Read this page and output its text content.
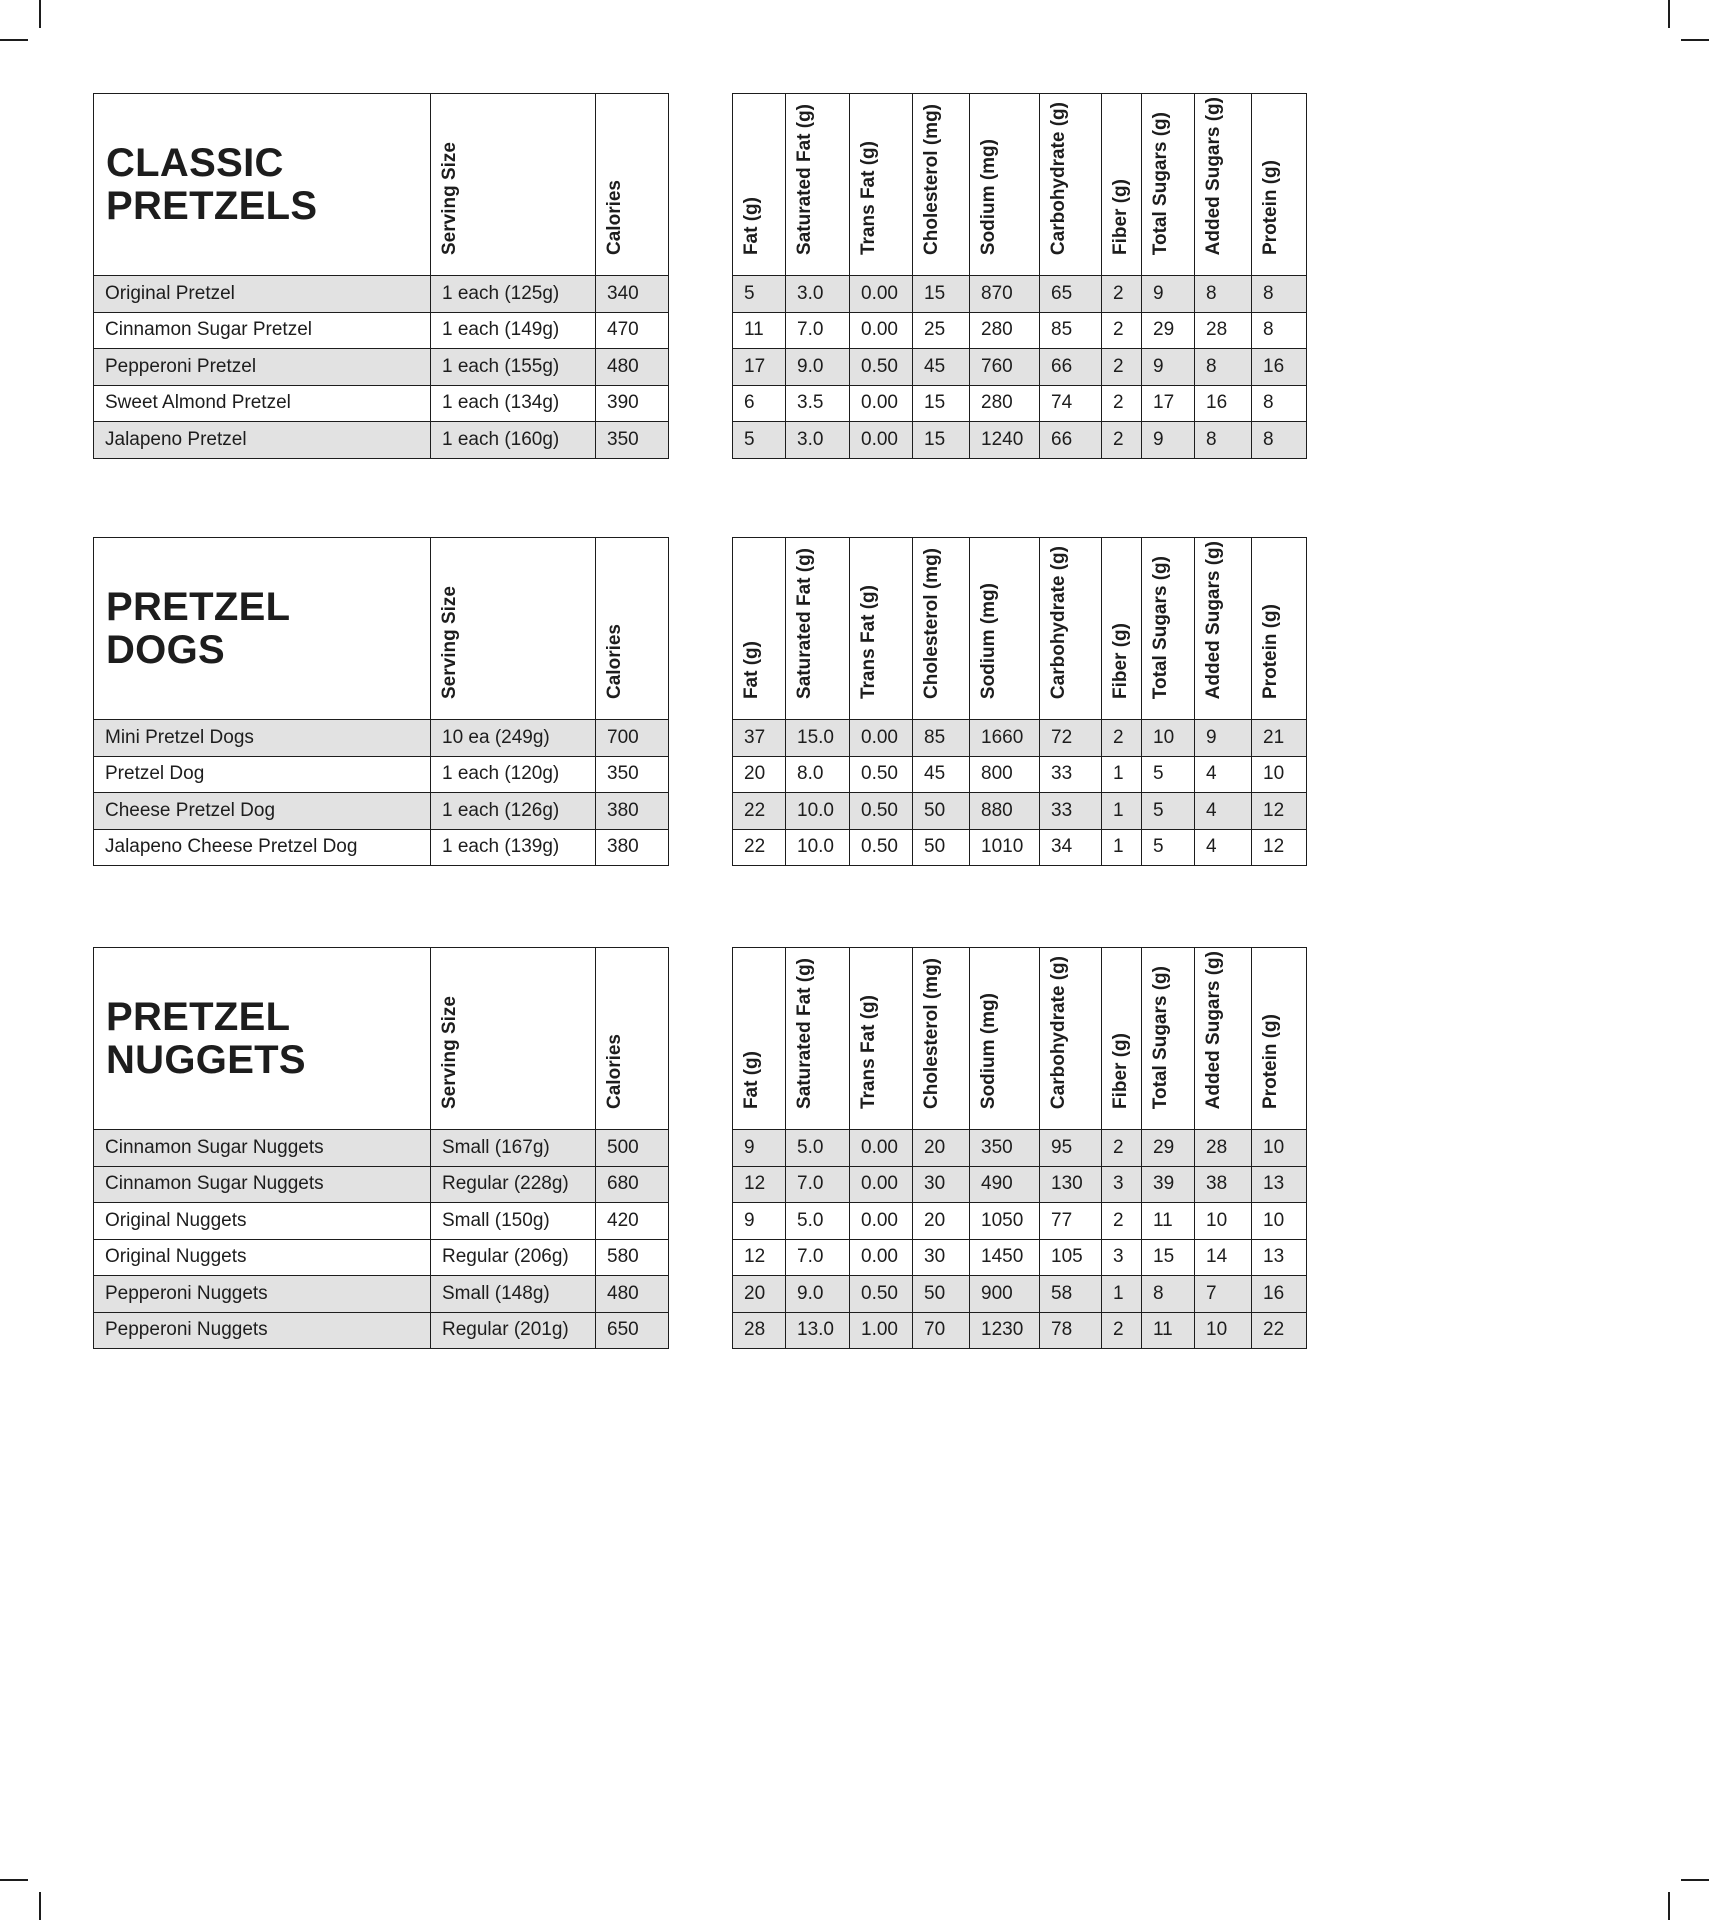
CLASSIC PRETZELS	Serving Size	Calories
Original Pretzel	1 each (125g)	340
Cinnamon Sugar Pretzel	1 each (149g)	470
Pepperoni Pretzel	1 each (155g)	480
Sweet Almond Pretzel	1 each (134g)	390
Jalapeno Pretzel	1 each (160g)	350
Fat (g)	Saturated Fat (g)	Trans Fat (g)	Cholesterol (mg)	Sodium (mg)	Carbohydrate (g)	Fiber (g)	Total Sugars (g)	Added Sugars (g)	Protein (g)
5	3.0	0.00	15	870	65	2	9	8	8
11	7.0	0.00	25	280	85	2	29	28	8
17	9.0	0.50	45	760	66	2	9	8	16
6	3.5	0.00	15	280	74	2	17	16	8
5	3.0	0.00	15	1240	66	2	9	8	8
PRETZEL DOGS	Serving Size	Calories
Mini Pretzel Dogs	10 ea (249g)	700
Pretzel Dog	1 each (120g)	350
Cheese Pretzel Dog	1 each (126g)	380
Jalapeno Cheese Pretzel Dog	1 each (139g)	380
Fat (g)	Saturated Fat (g)	Trans Fat (g)	Cholesterol (mg)	Sodium (mg)	Carbohydrate (g)	Fiber (g)	Total Sugars (g)	Added Sugars (g)	Protein (g)
37	15.0	0.00	85	1660	72	2	10	9	21
20	8.0	0.50	45	800	33	1	5	4	10
22	10.0	0.50	50	880	33	1	5	4	12
22	10.0	0.50	50	1010	34	1	5	4	12
PRETZEL NUGGETS	Serving Size	Calories
Cinnamon Sugar Nuggets	Small (167g)	500
Cinnamon Sugar Nuggets	Regular (228g)	680
Original Nuggets	Small (150g)	420
Original Nuggets	Regular (206g)	580
Pepperoni Nuggets	Small (148g)	480
Pepperoni Nuggets	Regular (201g)	650
Fat (g)	Saturated Fat (g)	Trans Fat (g)	Cholesterol (mg)	Sodium (mg)	Carbohydrate (g)	Fiber (g)	Total Sugars (g)	Added Sugars (g)	Protein (g)
9	5.0	0.00	20	350	95	2	29	28	10
12	7.0	0.00	30	490	130	3	39	38	13
9	5.0	0.00	20	1050	77	2	11	10	10
12	7.0	0.00	30	1450	105	3	15	14	13
20	9.0	0.50	50	900	58	1	8	7	16
28	13.0	1.00	70	1230	78	2	11	10	22
